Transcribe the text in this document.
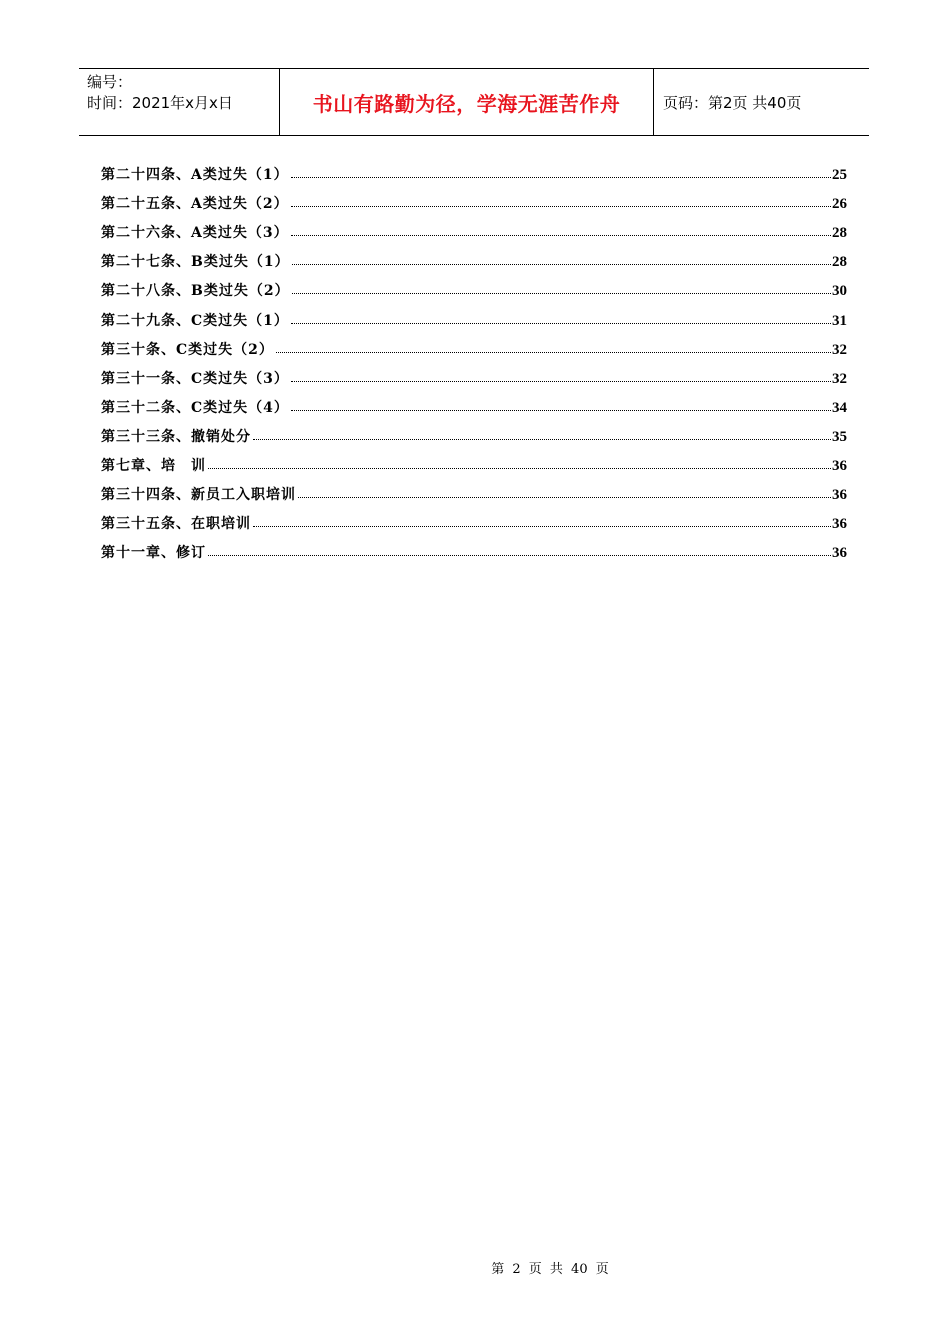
编号：
时间：2021年x月x日	书山有路勤为径，学海无涯苦作舟	页码：第2页 共40页
第二十四条、A类过失（1）	25
第二十五条、A类过失（2）	26
第二十六条、A类过失（3）	28
第二十七条、B类过失（1）	28
第二十八条、B类过失（2）	30
第二十九条、C类过失（1）	31
第三十条、C类过失（2）	32
第三十一条、C类过失（3）	32
第三十二条、C类过失（4）	34
第三十三条、撤销处分	35
第七章、培　训	36
第三十四条、新员工入职培训	36
第三十五条、在职培训	36
第十一章、修订	36
第 2 页 共 40 页
